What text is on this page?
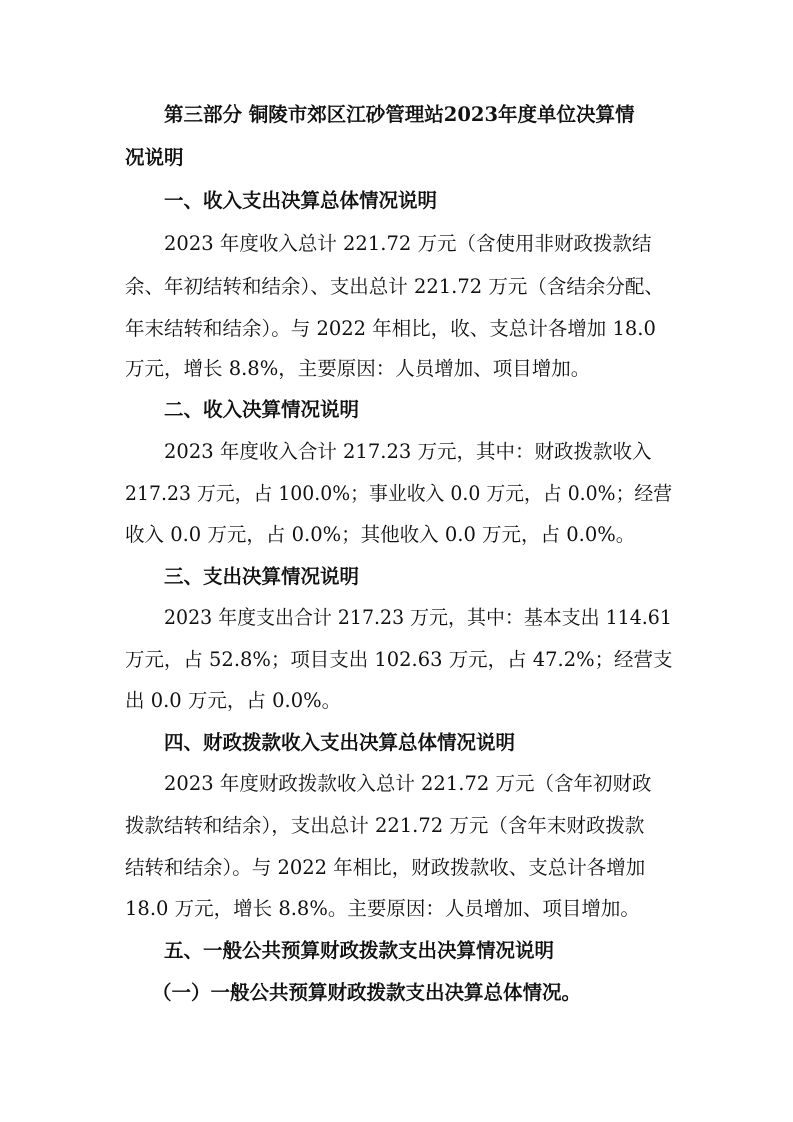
第三部分 铜陵市郊区江砂管理站2023年度单位决算情

况说明

一、收入支出决算总体情况说明

2023 年度收入总计 221.72 万元（含使用非财政拨款结

余、年初结转和结余）、支出总计 221.72 万元（含结余分配、

年末结转和结余）。与 2022 年相比，收、支总计各增加 18.0

万元，增长 8.8%，主要原因：人员增加、项目增加。

二、收入决算情况说明

2023 年度收入合计 217.23 万元，其中：财政拨款收入

217.23 万元，占 100.0%；事业收入 0.0 万元，占 0.0%；经营

收入 0.0 万元，占 0.0%；其他收入 0.0 万元，占 0.0%。

三、支出决算情况说明

2023 年度支出合计 217.23 万元，其中：基本支出 114.61

万元，占 52.8%；项目支出 102.63 万元，占 47.2%；经营支

出 0.0 万元，占 0.0%。

四、财政拨款收入支出决算总体情况说明

2023 年度财政拨款收入总计 221.72 万元（含年初财政

拨款结转和结余），支出总计 221.72 万元（含年末财政拨款

结转和结余）。与 2022 年相比，财政拨款收、支总计各增加

18.0 万元，增长 8.8%。主要原因：人员增加、项目增加。

五、一般公共预算财政拨款支出决算情况说明

（一）一般公共预算财政拨款支出决算总体情况。
